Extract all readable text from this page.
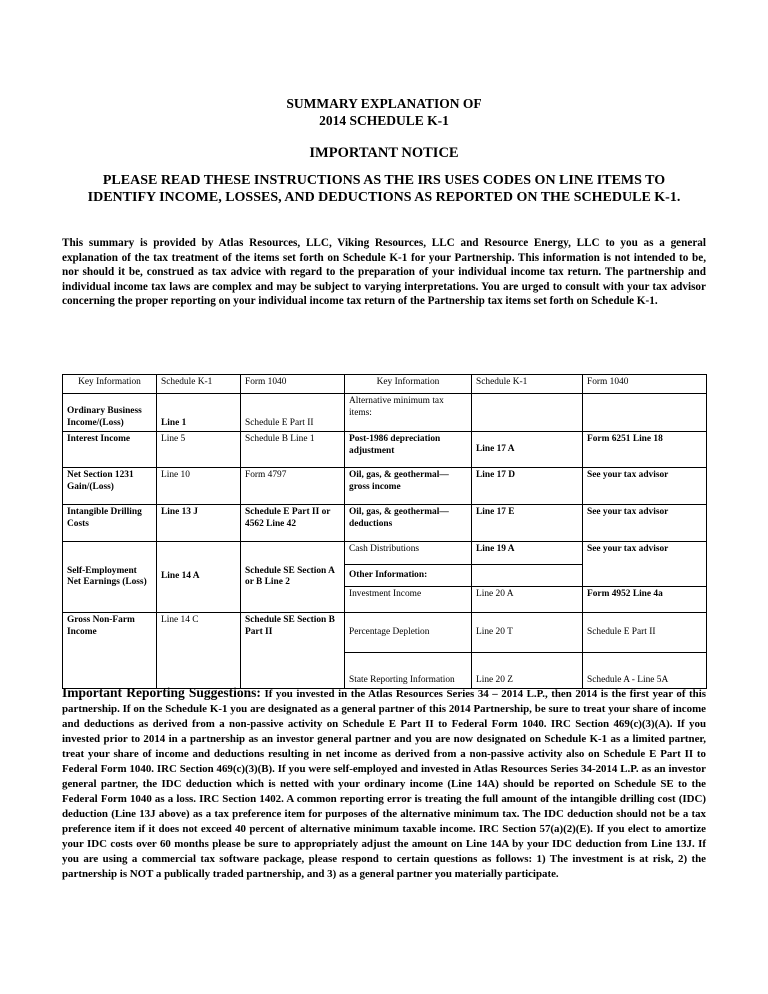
SUMMARY EXPLANATION OF
2014 SCHEDULE K-1
IMPORTANT NOTICE
PLEASE READ THESE INSTRUCTIONS AS THE IRS USES CODES ON LINE ITEMS TO IDENTIFY INCOME, LOSSES, AND DEDUCTIONS AS REPORTED ON THE SCHEDULE K-1.
This summary is provided by Atlas Resources, LLC, Viking Resources, LLC and Resource Energy, LLC to you as a general explanation of the tax treatment of the items set forth on Schedule K-1 for your Partnership. This information is not intended to be, nor should it be, construed as tax advice with regard to the preparation of your individual income tax return. The partnership and individual income tax laws are complex and may be subject to varying interpretations. You are urged to consult with your tax advisor concerning the proper reporting on your individual income tax return of the Partnership tax items set forth on Schedule K-1.
Key Information	Schedule K-1	Form 1040	Key Information	Schedule K-1	Form 1040
Ordinary Business Income/(Loss)	Line 1	Schedule E Part II	Alternative minimum tax items:		
Interest Income	Line 5	Schedule B Line 1	Post-1986 depreciation adjustment	Line 17 A	Form 6251 Line 18
Net Section 1231 Gain/(Loss)	Line 10	Form 4797	Oil, gas, & geothermal—gross income	Line 17 D	See your tax advisor
Intangible Drilling Costs	Line 13 J	Schedule E Part II or 4562 Line 42	Oil, gas, & geothermal—deductions	Line 17 E	See your tax advisor
Self-Employment Net Earnings (Loss)	Line 14 A	Schedule SE Section A or B Line 2	Cash Distributions	Line 19 A	See your tax advisor
			Other Information:		
			Investment Income	Line 20 A	Form 4952 Line 4a
Gross Non-Farm Income	Line 14 C	Schedule SE Section B Part II	Percentage Depletion	Line 20 T	Schedule E Part II
			State Reporting Information	Line 20 Z	Schedule A - Line 5A
Important Reporting Suggestions: If you invested in the Atlas Resources Series 34 – 2014 L.P., then 2014 is the first year of this partnership. If on the Schedule K-1 you are designated as a general partner of this 2014 Partnership, be sure to treat your share of income and deductions as derived from a non-passive activity on Schedule E Part II to Federal Form 1040. IRC Section 469(c)(3)(A). If you invested prior to 2014 in a partnership as an investor general partner and you are now designated on Schedule K-1 as a limited partner, treat your share of income and deductions resulting in net income as derived from a non-passive activity also on Schedule E Part II to Federal Form 1040. IRC Section 469(c)(3)(B). If you were self-employed and invested in Atlas Resources Series 34-2014 L.P. as an investor general partner, the IDC deduction which is netted with your ordinary income (Line 14A) should be reported on Schedule SE to the Federal Form 1040 as a loss. IRC Section 1402. A common reporting error is treating the full amount of the intangible drilling cost (IDC) deduction (Line 13J above) as a tax preference item for purposes of the alternative minimum tax. The IDC deduction should not be a tax preference item if it does not exceed 40 percent of alternative minimum taxable income. IRC Section 57(a)(2)(E). If you elect to amortize your IDC costs over 60 months please be sure to appropriately adjust the amount on Line 14A by your IDC deduction from Line 13J. If you are using a commercial tax software package, please respond to certain questions as follows: 1) The investment is at risk, 2) the partnership is NOT a publically traded partnership, and 3) as a general partner you materially participate.
